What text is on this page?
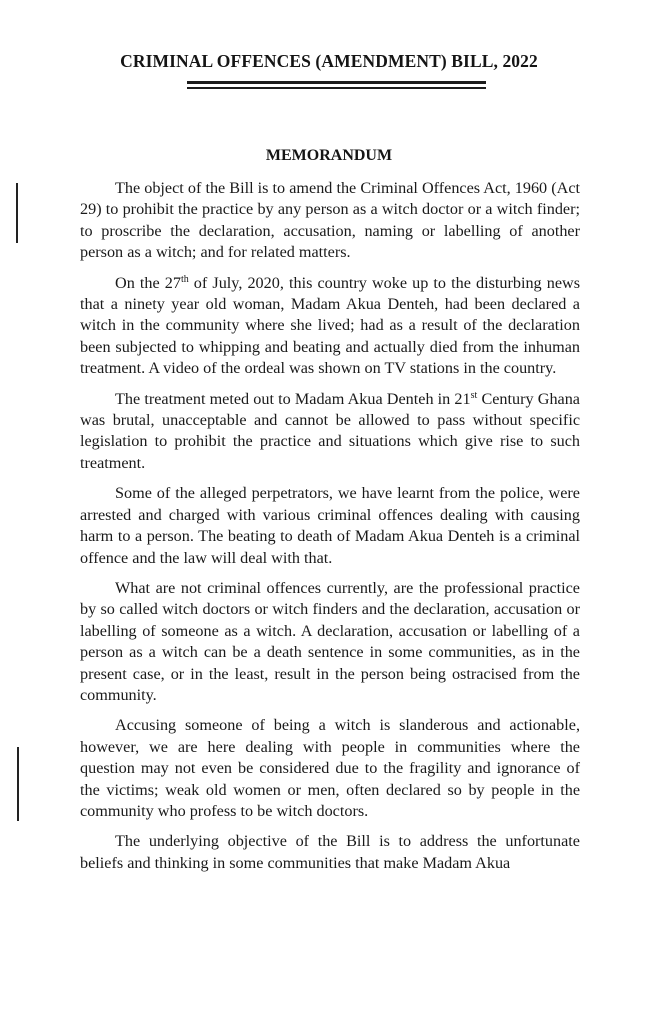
CRIMINAL OFFENCES (AMENDMENT) BILL, 2022
MEMORANDUM

The object of the Bill is to amend the Criminal Offences Act, 1960 (Act 29) to prohibit the practice by any person as a witch doctor or a witch finder; to proscribe the declaration, accusation, naming or labelling of another person as a witch; and for related matters.

On the 27th of July, 2020, this country woke up to the disturbing news that a ninety year old woman, Madam Akua Denteh, had been declared a witch in the community where she lived; had as a result of the declaration been subjected to whipping and beating and actually died from the inhuman treatment. A video of the ordeal was shown on TV stations in the country.

The treatment meted out to Madam Akua Denteh in 21st Century Ghana was brutal, unacceptable and cannot be allowed to pass without specific legislation to prohibit the practice and situations which give rise to such treatment.

Some of the alleged perpetrators, we have learnt from the police, were arrested and charged with various criminal offences dealing with causing harm to a person. The beating to death of Madam Akua Denteh is a criminal offence and the law will deal with that.

What are not criminal offences currently, are the professional practice by so called witch doctors or witch finders and the declaration, accusation or labelling of someone as a witch. A declaration, accusation or labelling of a person as a witch can be a death sentence in some communities, as in the present case, or in the least, result in the person being ostracised from the community.

Accusing someone of being a witch is slanderous and actionable, however, we are here dealing with people in communities where the question may not even be considered due to the fragility and ignorance of the victims; weak old women or men, often declared so by people in the community who profess to be witch doctors.

The underlying objective of the Bill is to address the unfortunate beliefs and thinking in some communities that make Madam Akua
